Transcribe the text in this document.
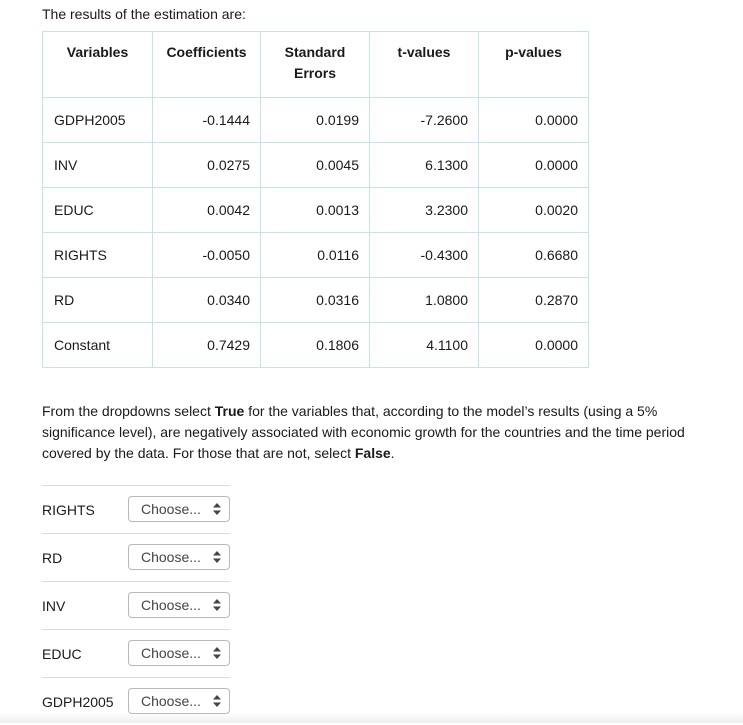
The results of the estimation are:
Variables	Coefficients	Standard Errors	t-values	p-values	
GDPH2005	-0.1444	0.0199	-7.2600	0.0000	
INV	0.0275	0.0045	6.1300	0.0000	
EDUC	0.0042	0.0013	3.2300	0.0020	
RIGHTS	-0.0050	0.0116	-0.4300	0.6680	
RD	0.0340	0.0316	1.0800	0.2870	
Constant	0.7429	0.1806	4.1100	0.0000	
From the dropdowns select True for the variables that, according to the model’s results (using a 5% significance level), are negatively associated with economic growth for the countries and the time period covered by the data. For those that are not, select False.
RIGHTS	Choose...
RD	Choose...
INV	Choose...
EDUC	Choose...
GDPH2005	Choose...
